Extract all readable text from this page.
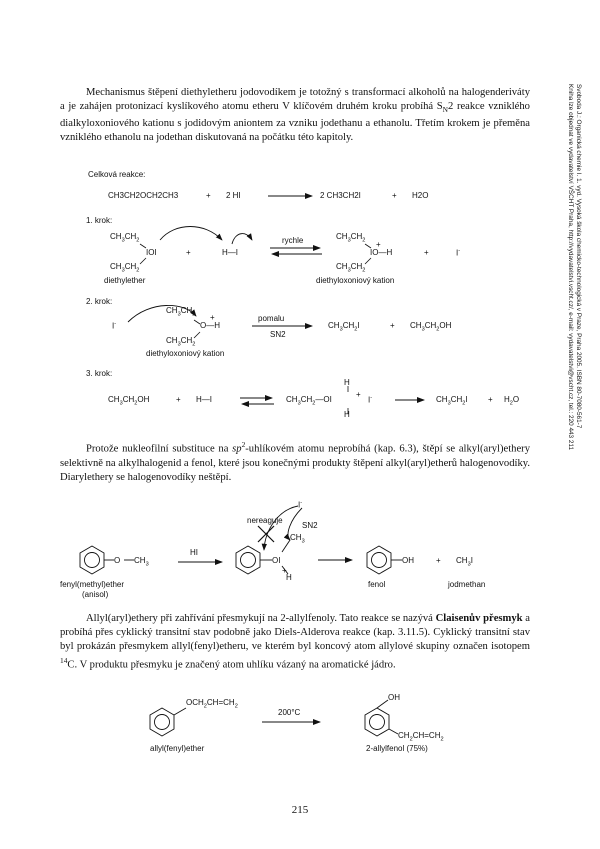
Svoboda J.: Organická chemie I. 1. vyd. Vysoká škola chemicko-technologická v Praze, Praha 2005. ISBN 80-7080-561-7
Kniha lze objednat ve vydavatelství VŠCHT Praha, http://vydavatelstvi.vscht.cz/, e-mail: vydavatelstvi@vscht.cz, tel.: 220 443 211
Mechanismus štěpení diethyletheru jodovodíkem je totožný s transformací alkoholů na halogenderiváty a je zahájen protonizací kyslíkového atomu etheru V klíčovém druhém kroku probíhá $S_N2$ reakce vzniklého dialkyloxoniového kationu s jodidovým aniontem za vzniku jodethanu a ethanolu. Třetím krokem je přeměna vzniklého ethanolu na jodethan diskutovaná na počátku této kapitoly.
Celková reakce:
CH3CH2OCH2CH3	+ 2 HI	2 CH3CH2I	+ H2O
1. krok:
$CH_3CH_2$
IOI
$CH_3CH_2$
+	H—I
diethylether
rychle	$CH_3CH_2$
IO—H
+
$CH_3CH_2$
+	I-
diethyloxoniový kation
2. krok:
I-
$CH_3CH_2$
O—H
+
$CH_3CH_2$
diethyloxoniový kation
pomalu
SN2
$CH_3CH_2I$	+ $CH_3CH_2OH$
3. krok:
$CH_3CH_2OH$	+ H—I	$CH_3CH_2—OI$
H
H
+
I-	$CH_3CH_2I$	+ $H_2O$
Protože nukleofilní substituce na $sp^2$-uhlíkovém atomu neprobíhá (kap. 6.3), štěpí se alkyl(aryl)ethery selektivně na alkylhalogenid a fenol, které jsou konečnými produkty štěpení alkyl(aryl)etherů halogenovodíky. Diarylethery se halogenovodíky neštěpí.
nereaguje
I-
SN2
$CH_3$
O $CH_3$
HI
OI
+
H
OH	+ $CH_3I$
fenyl(methyl)ether
(anisol)
fenol	jodmethan
Allyl(aryl)ethery při zahřívání přesmykují na 2-allylfenoly. Tato reakce se nazývá Claisenův přesmyk a probíhá přes cyklický transitní stav podobně jako Diels-Alderova reakce (kap. 3.11.5). Cyklický transitní stav byl prokázán přesmykem allyl(fenyl)etheru, ve kterém byl koncový atom allylové skupiny označen isotopem $^{14}$C. V produktu přesmyku je značený atom uhlíku vázaný na aromatické jádro.
$OCH_2CH=CH_2$
200°C
OH
$CH_2CH=CH_2$
allyl(fenyl)ether	2-allylfenol (75%)
215
